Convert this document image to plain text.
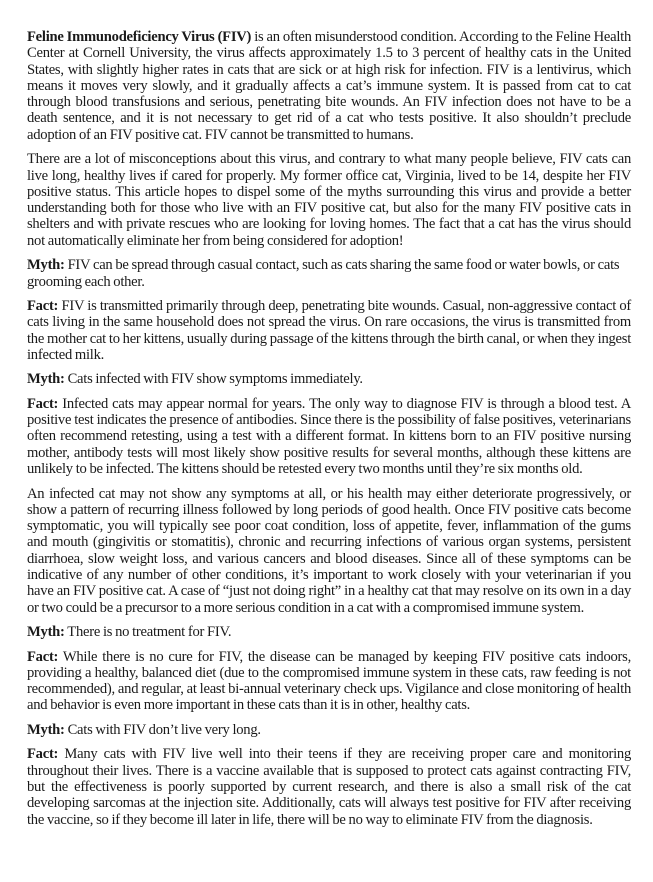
Feline Immunodeficiency Virus (FIV) is an often misunderstood condition. According to the Feline Health Center at Cornell University, the virus affects approximately 1.5 to 3 percent of healthy cats in the United States, with slightly higher rates in cats that are sick or at high risk for infection. FIV is a lentivirus, which means it moves very slowly, and it gradually affects a cat’s immune system. It is passed from cat to cat through blood transfusions and serious, penetrating bite wounds. An FIV infection does not have to be a death sentence, and it is not necessary to get rid of a cat who tests positive. It also shouldn’t preclude adoption of an FIV positive cat. FIV cannot be transmitted to humans.

There are a lot of misconceptions about this virus, and contrary to what many people believe, FIV cats can live long, healthy lives if cared for properly. My former office cat, Virginia, lived to be 14, despite her FIV positive status. This article hopes to dispel some of the myths surrounding this virus and provide a better understanding both for those who live with an FIV positive cat, but also for the many FIV positive cats in shelters and with private rescues who are looking for loving homes. The fact that a cat has the virus should not automatically eliminate her from being considered for adoption!

Myth: FIV can be spread through casual contact, such as cats sharing the same food or water bowls, or cats grooming each other.

Fact: FIV is transmitted primarily through deep, penetrating bite wounds. Casual, non-aggressive contact of cats living in the same household does not spread the virus. On rare occasions, the virus is transmitted from the mother cat to her kittens, usually during passage of the kittens through the birth canal, or when they ingest infected milk.

Myth: Cats infected with FIV show symptoms immediately.

Fact: Infected cats may appear normal for years. The only way to diagnose FIV is through a blood test. A positive test indicates the presence of antibodies. Since there is the possibility of false positives, veterinarians often recommend retesting, using a test with a different format. In kittens born to an FIV positive nursing mother, antibody tests will most likely show positive results for several months, although these kittens are unlikely to be infected. The kittens should be retested every two months until they’re six months old.

An infected cat may not show any symptoms at all, or his health may either deteriorate progressively, or show a pattern of recurring illness followed by long periods of good health. Once FIV positive cats become symptomatic, you will typically see poor coat condition, loss of appetite, fever, inflammation of the gums and mouth (gingivitis or stomatitis), chronic and recurring infections of various organ systems, persistent diarrhoea, slow weight loss, and various cancers and blood diseases. Since all of these symptoms can be indicative of any number of other conditions, it’s important to work closely with your veterinarian if you have an FIV positive cat. A case of “just not doing right” in a healthy cat that may resolve on its own in a day or two could be a precursor to a more serious condition in a cat with a compromised immune system.

Myth: There is no treatment for FIV.

Fact: While there is no cure for FIV, the disease can be managed by keeping FIV positive cats indoors, providing a healthy, balanced diet (due to the compromised immune system in these cats, raw feeding is not recommended), and regular, at least bi-annual veterinary check ups. Vigilance and close monitoring of health and behavior is even more important in these cats than it is in other, healthy cats.

Myth: Cats with FIV don’t live very long.

Fact: Many cats with FIV live well into their teens if they are receiving proper care and monitoring throughout their lives. There is a vaccine available that is supposed to protect cats against contracting FIV, but the effectiveness is poorly supported by current research, and there is also a small risk of the cat developing sarcomas at the injection site. Additionally, cats will always test positive for FIV after receiving the vaccine, so if they become ill later in life, there will be no way to eliminate FIV from the diagnosis.
